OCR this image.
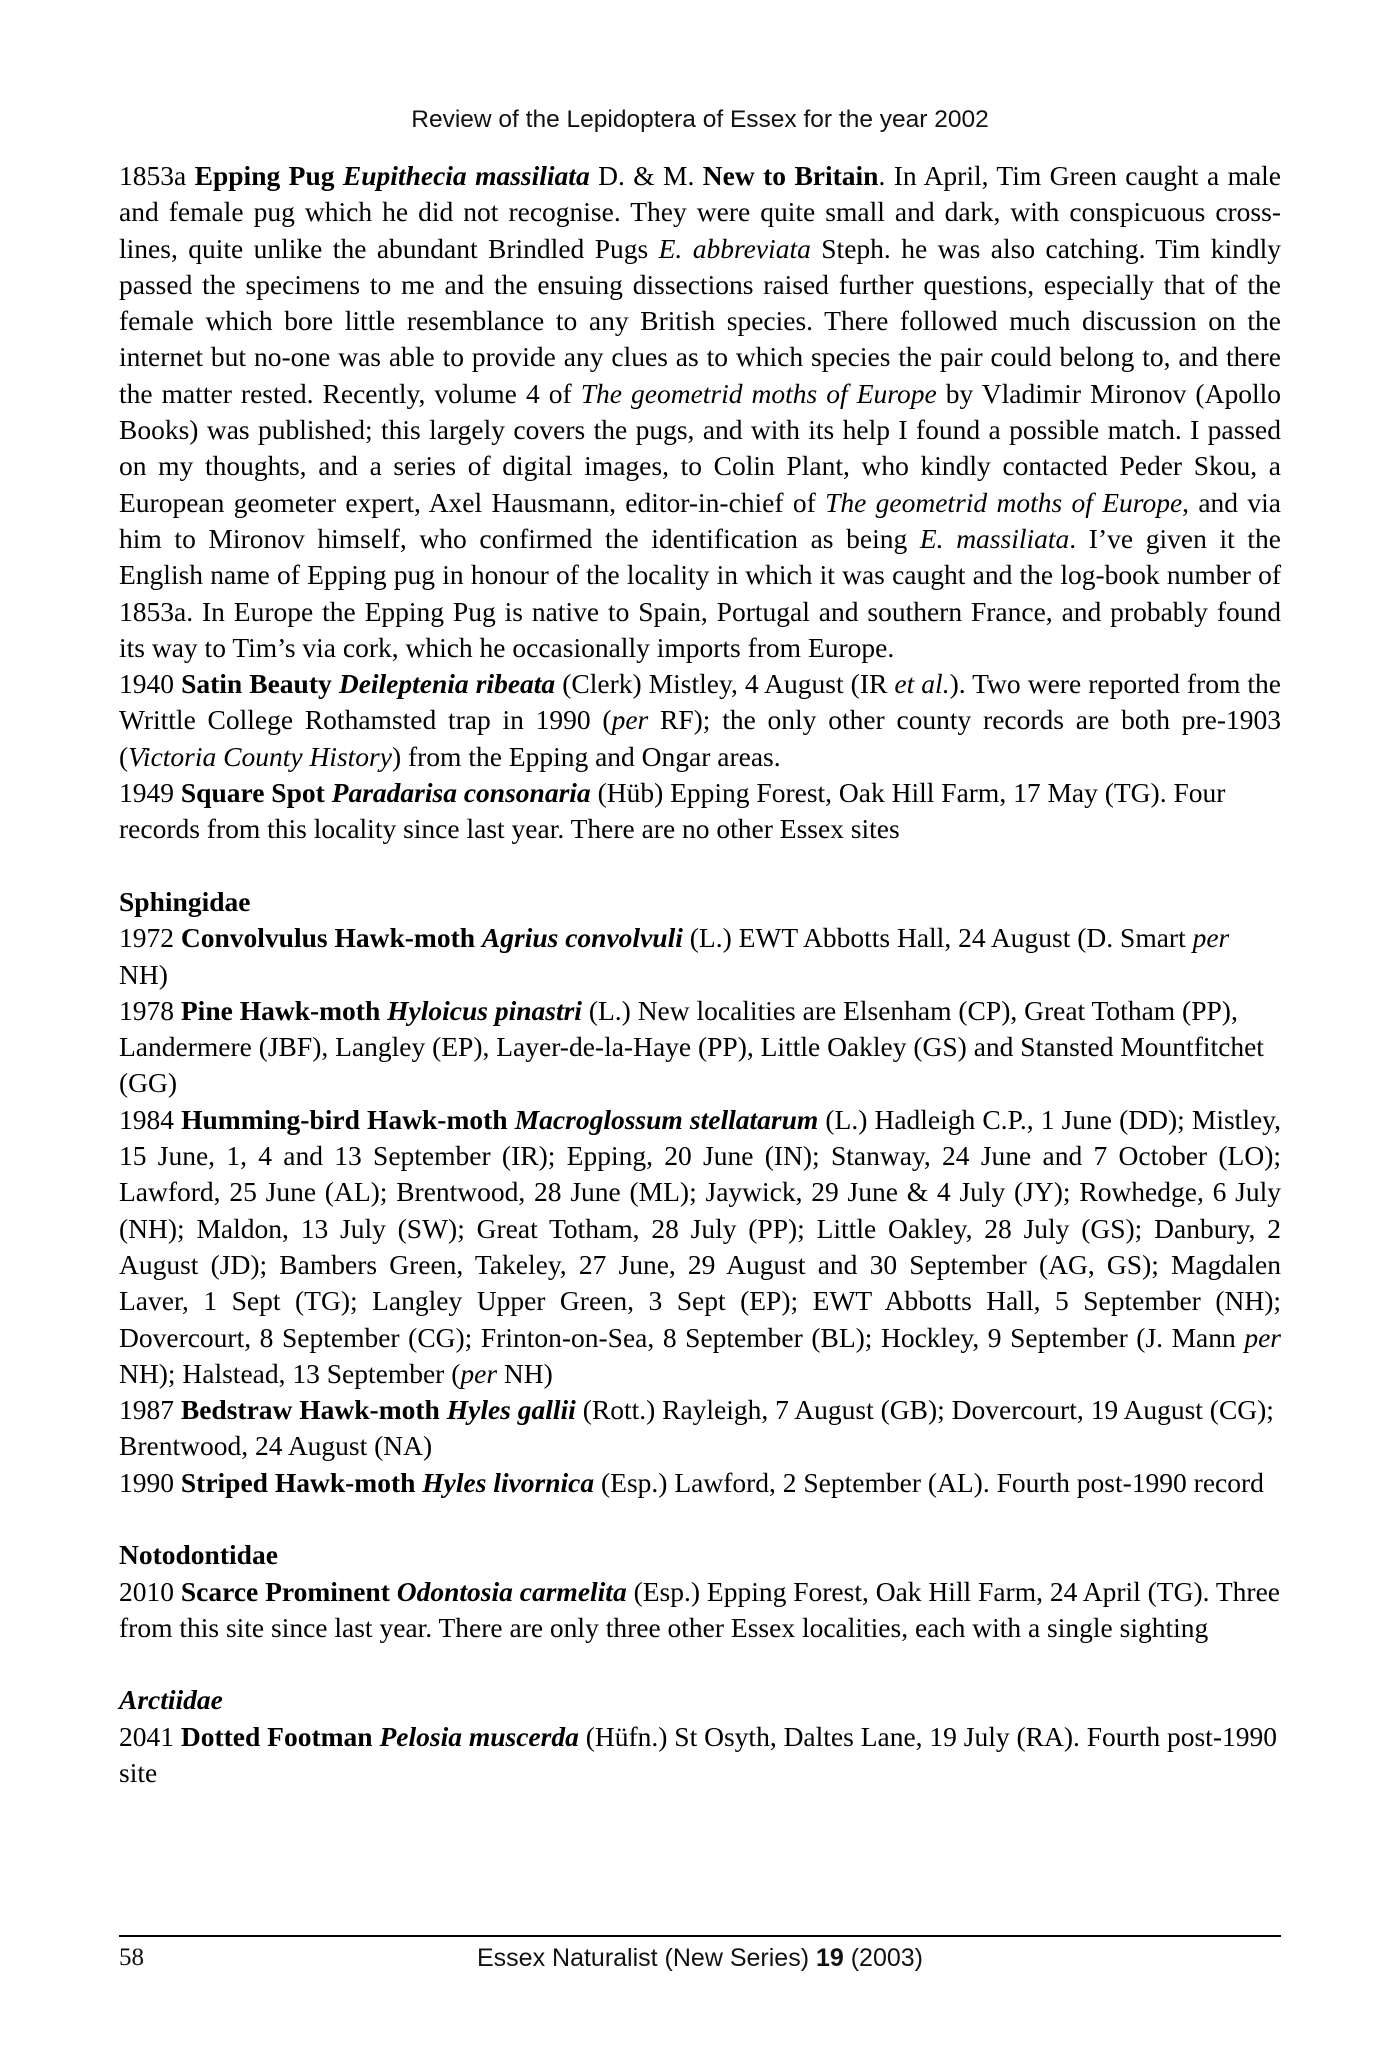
Review of the Lepidoptera of Essex for the year 2002

1853a Epping Pug Eupithecia massiliata D. & M. New to Britain. In April, Tim Green caught a male and female pug which he did not recognise. They were quite small and dark, with conspicuous cross-lines, quite unlike the abundant Brindled Pugs E. abbreviata Steph. he was also catching. Tim kindly passed the specimens to me and the ensuing dissections raised further questions, especially that of the female which bore little resemblance to any British species. There followed much discussion on the internet but no-one was able to provide any clues as to which species the pair could belong to, and there the matter rested. Recently, volume 4 of The geometrid moths of Europe by Vladimir Mironov (Apollo Books) was published; this largely covers the pugs, and with its help I found a possible match. I passed on my thoughts, and a series of digital images, to Colin Plant, who kindly contacted Peder Skou, a European geometer expert, Axel Hausmann, editor-in-chief of The geometrid moths of Europe, and via him to Mironov himself, who confirmed the identification as being E. massiliata. I’ve given it the English name of Epping pug in honour of the locality in which it was caught and the log-book number of 1853a. In Europe the Epping Pug is native to Spain, Portugal and southern France, and probably found its way to Tim’s via cork, which he occasionally imports from Europe.

1940 Satin Beauty Deileptenia ribeata (Clerk) Mistley, 4 August (IR et al.). Two were reported from the Writtle College Rothamsted trap in 1990 (per RF); the only other county records are both pre-1903 (Victoria County History) from the Epping and Ongar areas.

1949 Square Spot Paradarisa consonaria (Hüb) Epping Forest, Oak Hill Farm, 17 May (TG). Four records from this locality since last year. There are no other Essex sites

Sphingidae

1972 Convolvulus Hawk-moth Agrius convolvuli (L.) EWT Abbotts Hall, 24 August (D. Smart per NH)

1978 Pine Hawk-moth Hyloicus pinastri (L.) New localities are Elsenham (CP), Great Totham (PP), Landermere (JBF), Langley (EP), Layer-de-la-Haye (PP), Little Oakley (GS) and Stansted Mountfitchet (GG)

1984 Humming-bird Hawk-moth Macroglossum stellatarum (L.) Hadleigh C.P., 1 June (DD); Mistley, 15 June, 1, 4 and 13 September (IR); Epping, 20 June (IN); Stanway, 24 June and 7 October (LO); Lawford, 25 June (AL); Brentwood, 28 June (ML); Jaywick, 29 June & 4 July (JY); Rowhedge, 6 July (NH); Maldon, 13 July (SW); Great Totham, 28 July (PP); Little Oakley, 28 July (GS); Danbury, 2 August (JD); Bambers Green, Takeley, 27 June, 29 August and 30 September (AG, GS); Magdalen Laver, 1 Sept (TG); Langley Upper Green, 3 Sept (EP); EWT Abbotts Hall, 5 September (NH); Dovercourt, 8 September (CG); Frinton-on-Sea, 8 September (BL); Hockley, 9 September (J. Mann per NH); Halstead, 13 September (per NH)

1987 Bedstraw Hawk-moth Hyles gallii (Rott.) Rayleigh, 7 August (GB); Dovercourt, 19 August (CG); Brentwood, 24 August (NA)

1990 Striped Hawk-moth Hyles livornica (Esp.) Lawford, 2 September (AL). Fourth post-1990 record

Notodontidae

2010 Scarce Prominent Odontosia carmelita (Esp.) Epping Forest, Oak Hill Farm, 24 April (TG). Three from this site since last year. There are only three other Essex localities, each with a single sighting

Arctiidae

2041 Dotted Footman Pelosia muscerda (Hüfn.) St Osyth, Daltes Lane, 19 July (RA). Fourth post-1990 site

58	Essex Naturalist (New Series) 19 (2003)
